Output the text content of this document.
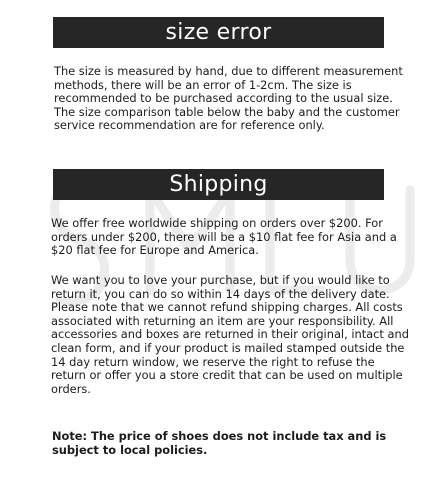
size error

The size is measured by hand, due to different measurement methods, there will be an error of 1-2cm. The size is recommended to be purchased according to the usual size. The size comparison table below the baby and the customer service recommendation are for reference only.

Shipping

We offer free worldwide shipping on orders over $200. For orders under $200, there will be a $10 flat fee for Asia and a $20 flat fee for Europe and America.

We want you to love your purchase, but if you would like to return it, you can do so within 14 days of the delivery date. Please note that we cannot refund shipping charges. All costs associated with returning an item are your responsibility. All accessories and boxes are returned in their original, intact and clean form, and if your product is mailed stamped outside the 14 day return window, we reserve the right to refuse the return or offer you a store credit that can be used on multiple orders.

Note: The price of shoes does not include tax and is subject to local policies.
